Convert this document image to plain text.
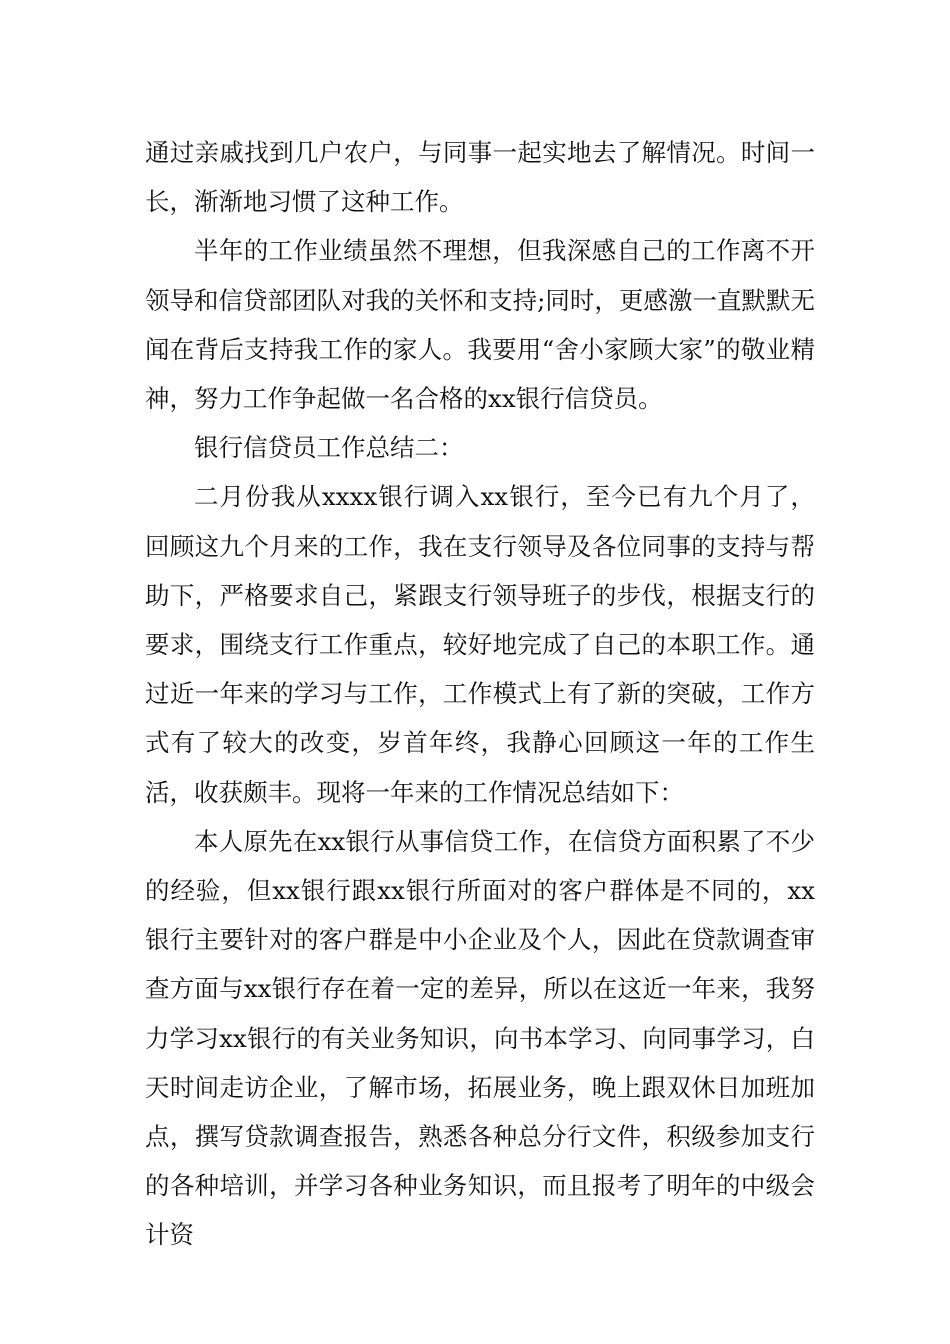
通过亲戚找到几户农户，与同事一起实地去了解情况。时间一长，渐渐地习惯了这种工作。

半年的工作业绩虽然不理想，但我深感自己的工作离不开领导和信贷部团队对我的关怀和支持;同时，更感激一直默默无闻在背后支持我工作的家人。我要用“舍小家顾大家”的敬业精神，努力工作争起做一名合格的xx银行信贷员。

银行信贷员工作总结二：

二月份我从xxxx银行调入xx银行，至今已有九个月了，回顾这九个月来的工作，我在支行领导及各位同事的支持与帮助下，严格要求自己，紧跟支行领导班子的步伐，根据支行的要求，围绕支行工作重点，较好地完成了自己的本职工作。通过近一年来的学习与工作，工作模式上有了新的突破，工作方式有了较大的改变，岁首年终，我静心回顾这一年的工作生活，收获颇丰。现将一年来的工作情况总结如下：

本人原先在xx银行从事信贷工作，在信贷方面积累了不少的经验，但xx银行跟xx银行所面对的客户群体是不同的，xx银行主要针对的客户群是中小企业及个人，因此在贷款调查审查方面与xx银行存在着一定的差异，所以在这近一年来，我努力学习xx银行的有关业务知识，向书本学习、向同事学习，白天时间走访企业，了解市场，拓展业务，晚上跟双休日加班加点，撰写贷款调查报告，熟悉各种总分行文件，积级参加支行的各种培训，并学习各种业务知识，而且报考了明年的中级会计资
